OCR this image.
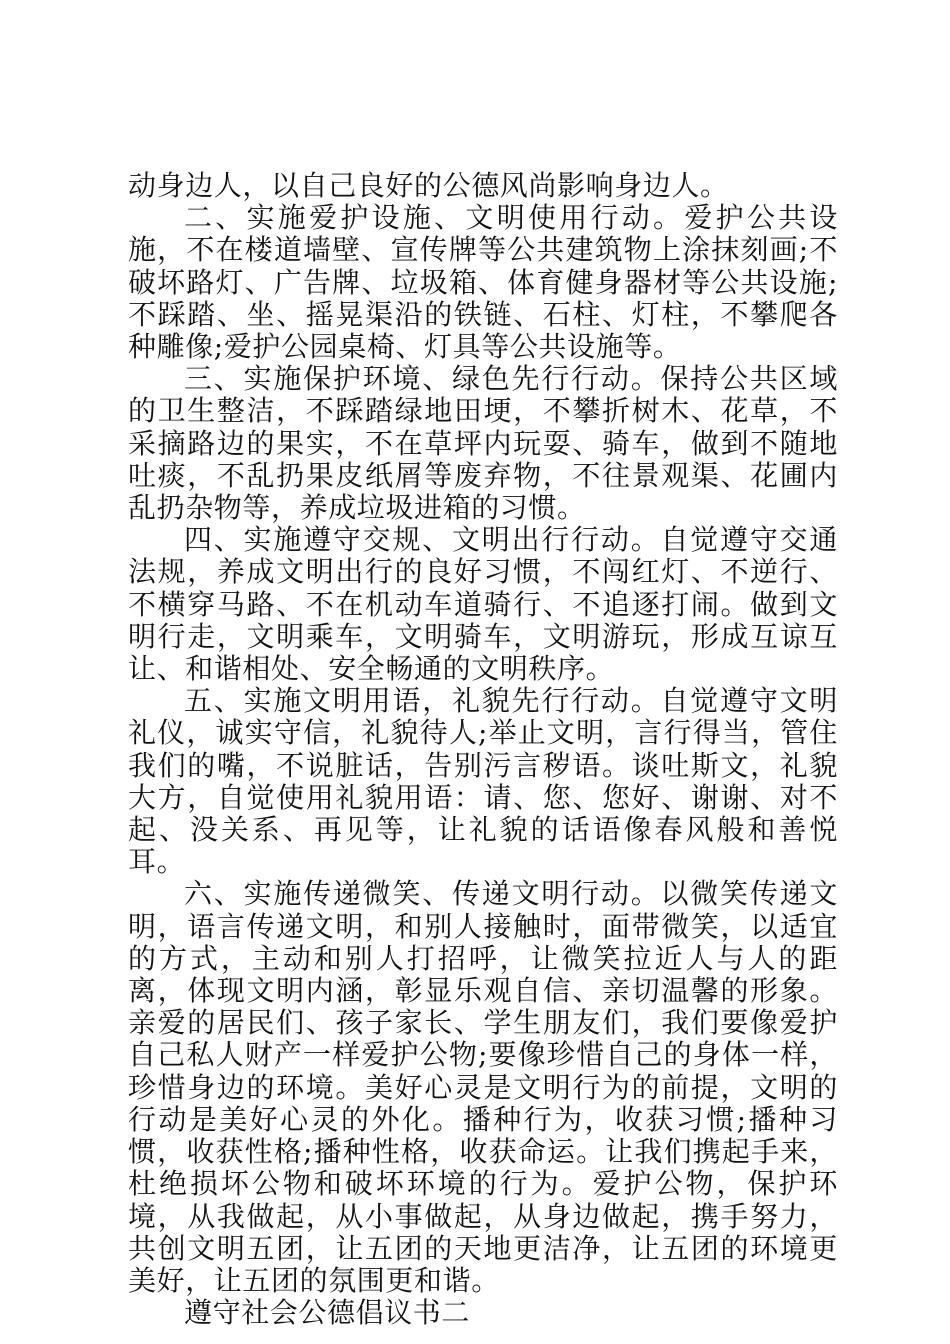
动身边人，以自己良好的公德风尚影响身边人。

二、实施爱护设施、文明使用行动。爱护公共设施，不在楼道墙壁、宣传牌等公共建筑物上涂抹刻画;不破坏路灯、广告牌、垃圾箱、体育健身器材等公共设施;不踩踏、坐、摇晃渠沿的铁链、石柱、灯柱，不攀爬各种雕像;爱护公园桌椅、灯具等公共设施等。

三、实施保护环境、绿色先行行动。保持公共区域的卫生整洁，不踩踏绿地田埂，不攀折树木、花草，不采摘路边的果实，不在草坪内玩耍、骑车，做到不随地吐痰，不乱扔果皮纸屑等废弃物，不往景观渠、花圃内乱扔杂物等，养成垃圾进箱的习惯。

四、实施遵守交规、文明出行行动。自觉遵守交通法规，养成文明出行的良好习惯，不闯红灯、不逆行、不横穿马路、不在机动车道骑行、不追逐打闹。做到文明行走，文明乘车，文明骑车，文明游玩，形成互谅互让、和谐相处、安全畅通的文明秩序。

五、实施文明用语，礼貌先行行动。自觉遵守文明礼仪，诚实守信，礼貌待人;举止文明，言行得当，管住我们的嘴，不说脏话，告别污言秽语。谈吐斯文，礼貌大方，自觉使用礼貌用语：请、您、您好、谢谢、对不起、没关系、再见等，让礼貌的话语像春风般和善悦耳。

六、实施传递微笑、传递文明行动。以微笑传递文明，语言传递文明，和别人接触时，面带微笑，以适宜的方式，主动和别人打招呼，让微笑拉近人与人的距离，体现文明内涵，彰显乐观自信、亲切温馨的形象。亲爱的居民们、孩子家长、学生朋友们，我们要像爱护自己私人财产一样爱护公物;要像珍惜自己的身体一样，珍惜身边的环境。美好心灵是文明行为的前提，文明的行动是美好心灵的外化。播种行为，收获习惯;播种习惯，收获性格;播种性格，收获命运。让我们携起手来，杜绝损坏公物和破坏环境的行为。爱护公物，保护环境，从我做起，从小事做起，从身边做起，携手努力，共创文明五团，让五团的天地更洁净，让五团的环境更美好，让五团的氛围更和谐。

遵守社会公德倡议书二
